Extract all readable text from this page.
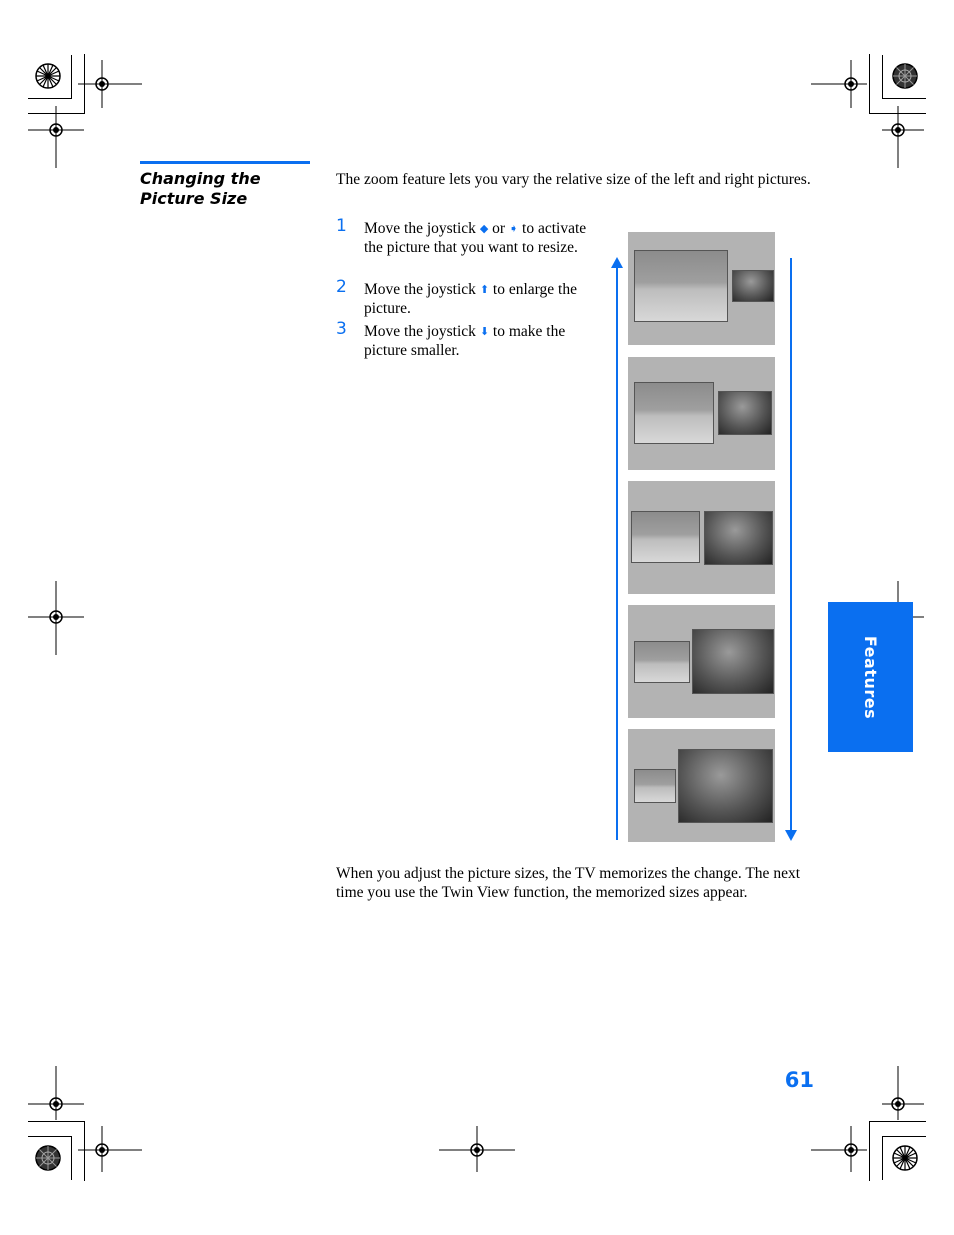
Changing the
Picture Size
The zoom feature lets you vary the relative size of the left and right pictures.
1 Move the joystick ◆ or ➧ to activate the picture that you want to resize.
2 Move the joystick ⬆ to enlarge the picture.
3 Move the joystick ⬇ to make the picture smaller.
When you adjust the picture sizes, the TV memorizes the change. The next time you use the Twin View function, the memorized sizes appear.
Features
61
